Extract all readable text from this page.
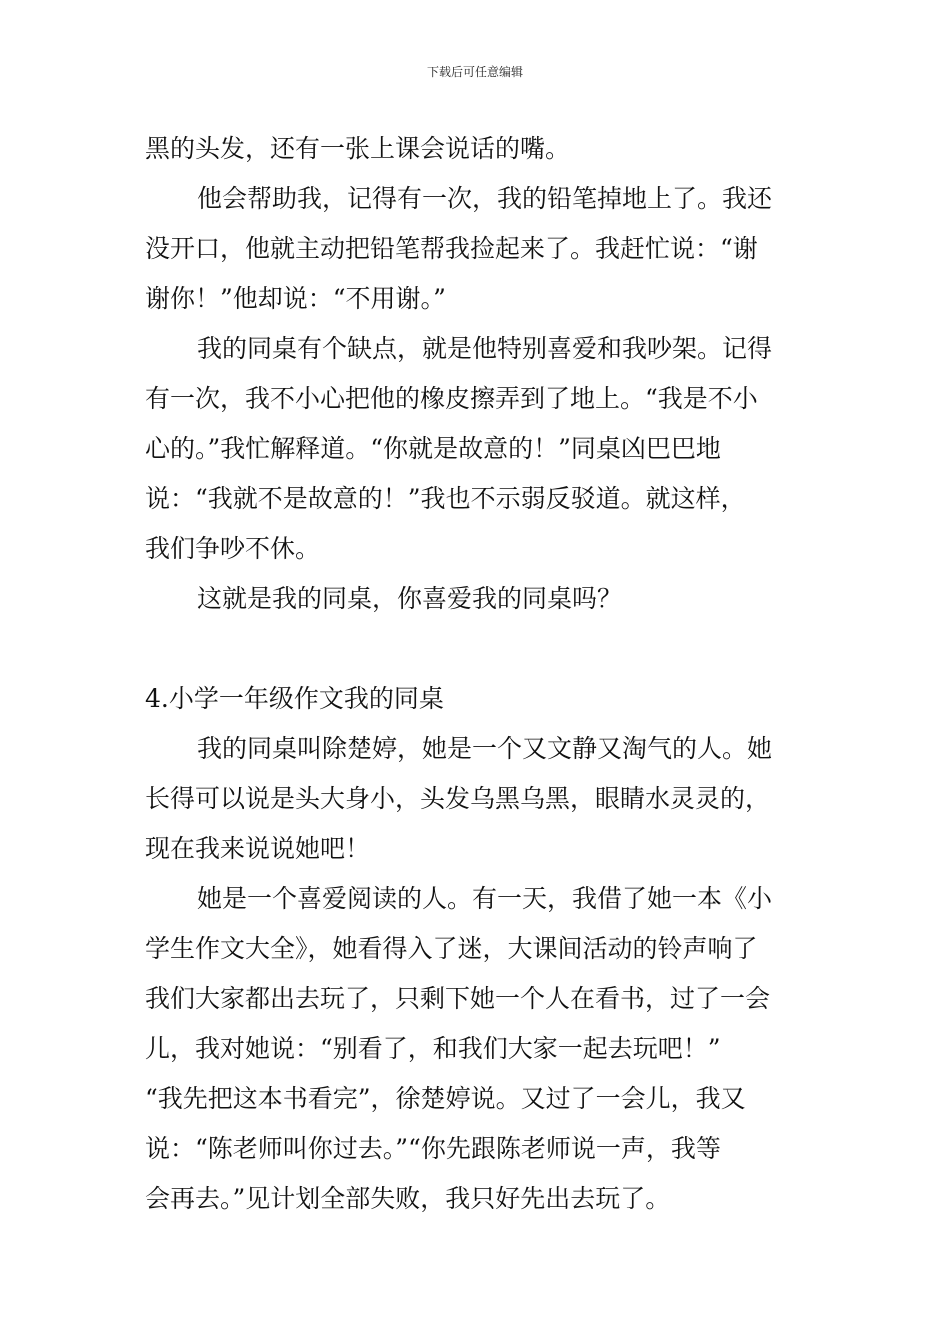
下载后可任意编辑
黑的头发，还有一张上课会说话的嘴。
他会帮助我，记得有一次，我的铅笔掉地上了。我还
没开口，他就主动把铅笔帮我捡起来了。我赶忙说：“谢
谢你！”他却说：“不用谢。”
我的同桌有个缺点，就是他特别喜爱和我吵架。记得
有一次，我不小心把他的橡皮擦弄到了地上。“我是不小
心的。”我忙解释道。“你就是故意的！”同桌凶巴巴地
说：“我就不是故意的！”我也不示弱反驳道。就这样，
我们争吵不休。
这就是我的同桌，你喜爱我的同桌吗？
4.小学一年级作文我的同桌
我的同桌叫除楚婷，她是一个又文静又淘气的人。她
长得可以说是头大身小，头发乌黑乌黑，眼睛水灵灵的，
现在我来说说她吧！
她是一个喜爱阅读的人。有一天，我借了她一本《小
学生作文大全》，她看得入了迷，大课间活动的铃声响了
我们大家都出去玩了，只剩下她一个人在看书，过了一会
儿，我对她说：“别看了，和我们大家一起去玩吧！”
“我先把这本书看完”，徐楚婷说。又过了一会儿，我又
说：“陈老师叫你过去。”“你先跟陈老师说一声，我等
会再去。”见计划全部失败，我只好先出去玩了。
